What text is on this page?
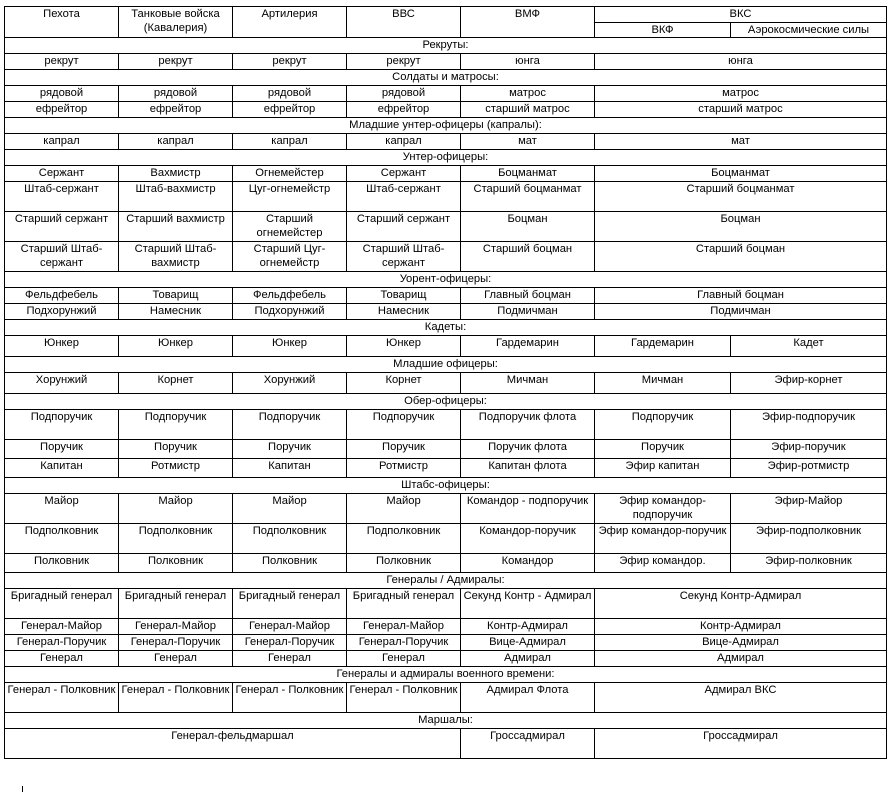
Пехота	Танковые войска (Кавалерия)	Артилерия	ВВС	ВМФ	ВКС	
					ВКФ	Аэрокосмические силы
Рекруты:						
рекрут	рекрут	рекрут	рекрут	юнга	юнга	
Солдаты и матросы:						
рядовой	рядовой	рядовой	рядовой	матрос	матрос	
ефрейтор	ефрейтор	ефрейтор	ефрейтор	старший матрос	старший матрос	
Младшие унтер-офицеры (капралы):						
капрал	капрал	капрал	капрал	мат	мат	
Унтер-офицеры:						
Сержант	Вахмистр	Огнемейстер	Сержант	Боцманмат	Боцманмат	
Штаб-сержант	Штаб-вахмистр	Цуг-огнемейстр	Штаб-сержант	Старший боцманмат	Старший боцманмат	
Старший сержант	Старший вахмистр	Старший огнемейстер	Старший сержант	Боцман	Боцман	
Старший Штаб-сержант	Старший Штаб-вахмистр	Старший Цуг-огнемейстр	Старший Штаб-сержант	Старший боцман	Старший боцман	
Уорент-офицеры:						
Фельдфебель	Товарищ	Фельдфебель	Товарищ	Главный боцман	Главный боцман	
Подхорунжий	Намесник	Подхорунжий	Намесник	Подмичман	Подмичман	
Кадеты:						
Юнкер	Юнкер	Юнкер	Юнкер	Гардемарин	Гардемарин	Кадет
Младшие офицеры:						
Хорунжий	Корнет	Хорунжий	Корнет	Мичман	Мичман	Эфир-корнет
Обер-офицеры:						
Подпоручик	Подпоручик	Подпоручик	Подпоручик	Подпоручик флота	Подпоручик	Эфир-подпоручик
Поручик	Поручик	Поручик	Поручик	Поручик флота	Поручик	Эфир-поручик
Капитан	Ротмистр	Капитан	Ротмистр	Капитан флота	Эфир капитан	Эфир-ротмистр
Штабс-офицеры:						
Майор	Майор	Майор	Майор	Командор - подпоручик	Эфир командор-подпоручик	Эфир-Майор
Подполковник	Подполковник	Подполковник	Подполковник	Командор-поручик	Эфир командор-поручик	Эфир-подполковник
Полковник	Полковник	Полковник	Полковник	Командор	Эфир командор.	Эфир-полковник
Генералы / Адмиралы:						
Бригадный генерал	Бригадный генерал	Бригадный генерал	Бригадный генерал	Секунд Контр - Адмирал	Секунд Контр-Адмирал	
Генерал-Майор	Генерал-Майор	Генерал-Майор	Генерал-Майор	Контр-Адмирал	Контр-Адмирал	
Генерал-Поручик	Генерал-Поручик	Генерал-Поручик	Генерал-Поручик	Вице-Адмирал	Вице-Адмирал	
Генерал	Генерал	Генерал	Генерал	Адмирал	Адмирал	
Генералы и адмиралы военного времени:						
Генерал - Полковник	Генерал - Полковник	Генерал - Полковник	Генерал - Полковник	Адмирал Флота	Адмирал ВКС	
Маршалы:						
Генерал-фельдмаршал				Гроссадмирал	Гроссадмирал	
